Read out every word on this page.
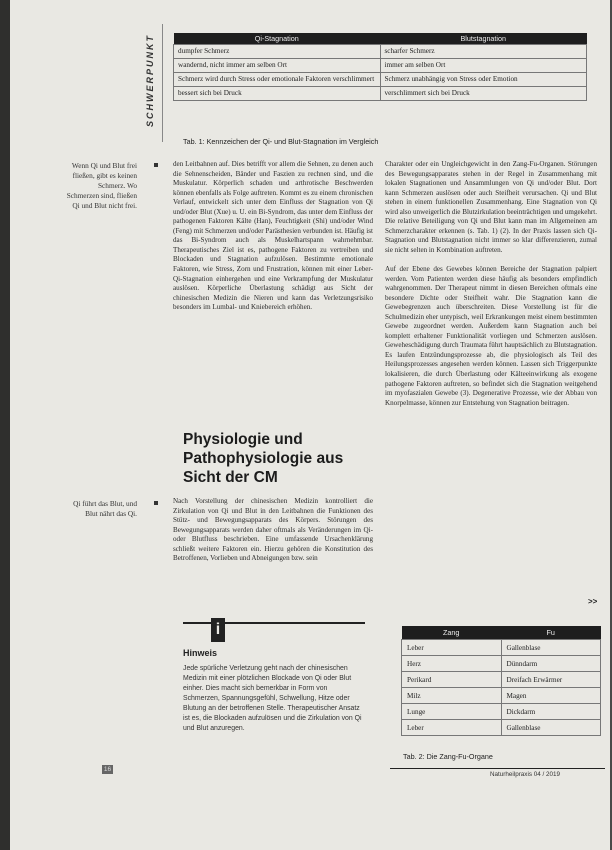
SCHWERPUNKT	Qi-Stagnation	Blutstagnation
dumpfer Schmerz	scharfer Schmerz
wandernd, nicht immer am selben Ort	immer am selben Ort
Schmerz wird durch Stress oder emotionale Faktoren verschlimmert	Schmerz unabhängig von Stress oder Emotion
bessert sich bei Druck	verschlimmert sich bei Druck
Tab. 1: Kennzeichen der Qi- und Blut-Stagnation im Vergleich
Wenn Qi und Blut frei fließen, gibt es keinen Schmerz. Wo Schmerzen sind, fließen Qi und Blut nicht frei.
Qi führt das Blut, und Blut nährt das Qi.
den Leitbahnen auf. Dies betrifft vor allem die Sehnen, zu denen auch die Sehnenscheiden, Bänder und Faszien zu rechnen sind, und die Muskulatur. Körperlich schaden und arthrotische Beschwerden können ebenfalls als Folge auftreten. Kommt es zu einem chronischen Verlauf, entwickelt sich unter dem Einfluss der Stagnation von Qi und/oder Blut (Xue) u. U. ein Bi-Syndrom, das unter dem Einfluss der pathogenen Faktoren Kälte (Han), Feuchtigkeit (Shi) und/oder Wind (Feng) mit Schmerzen und/oder Parästhesien verbunden ist. Häufig ist das Bi-Syndrom auch als Muskelhartspann wahrnehmbar. Therapeutisches Ziel ist es, pathogene Faktoren zu vertreiben und Blockaden und Stagnation aufzulösen. Bestimmte emotionale Faktoren, wie Stress, Zorn und Frustration, können mit einer Leber-Qi-Stagnation einhergehen und eine Verkrampfung der Muskulatur auslösen. Körperliche Überlastung schädigt aus Sicht der chinesischen Medizin die Nieren und kann das Verletzungsrisiko besonders im Lumbal- und Kniebereich erhöhen.
Physiologie und Pathophysiologie aus Sicht der CM
Nach Vorstellung der chinesischen Medizin kontrolliert die Zirkulation von Qi und Blut in den Leitbahnen die Funktionen des Stütz- und Bewegungsapparats des Körpers. Störungen des Bewegungsapparats werden daher oftmals als Veränderungen im Qi- oder Blutfluss beschrieben. Eine umfassende Ursachenklärung schließt weitere Faktoren ein. Hierzu gehören die Konstitution des Betroffenen, Vorlieben und Abneigungen bzw. sein
Charakter oder ein Ungleichgewicht in den Zang-Fu-Organen. Störungen des Bewegungsapparates stehen in der Regel in Zusammenhang mit lokalen Stagnationen und Ansammlungen von Qi und/oder Blut. Dort kann Schmerzen auslösen oder auch Steifheit verursachen. Qi und Blut stehen in einem funktionellen Zusammenhang. Eine Stagnation von Qi wird also unweigerlich die Blutzirkulation beeinträchtigen und umgekehrt. Die relative Beteiligung von Qi und Blut kann man im Allgemeinen am Schmerzcharakter erkennen (s. Tab. 1) (2). In der Praxis lassen sich Qi-Stagnation und Blutstagnation nicht immer so klar differenzieren, zumal sie nicht selten in Kombination auftreten.

Auf der Ebene des Gewebes können Bereiche der Stagnation palpiert werden. Vom Patienten werden diese häufig als besonders empfindlich wahrgenommen. Der Therapeut nimmt in diesen Bereichen oftmals eine besondere Dichte oder Steifheit wahr. Die Stagnation kann die Gewebegrenzen auch überschreiten. Diese Vorstellung ist für die Schulmedizin eher untypisch, weil Erkrankungen meist einem bestimmten Gewebe zugeordnet werden. Außerdem kann Stagnation auch bei komplett erhaltener Funktionalität vorliegen und Schmerzen auslösen. Geweheschädigung durch Traumata führt hauptsächlich zu Blutstagnation. Es laufen Entzündungsprozesse ab, die physiologisch als Teil des Heilungsprozesses angesehen werden können. Lassen sich Triggerpunkte lokalisieren, die durch Überlastung oder Kälteeinwirkung als exogene pathogene Faktoren auftreten, so befindet sich die Stagnation weitgehend im myofaszialen Gewebe (3). Degenerative Prozesse, wie der Abbau von Knorpelmasse, können zur Entstehung von Stagnation beitragen.
>>
i
Hinweis
Jede spürliche Verletzung geht nach der chinesischen Medizin mit einer plötzlichen Blockade von Qi oder Blut einher. Dies macht sich bemerkbar in Form von Schmerzen, Spannungsgefühl, Schwellung, Hitze oder Blutung an der betroffenen Stelle. Therapeutischer Ansatz ist es, die Blockaden aufzulösen und die Zirkulation von Qi und Blut anzuregen.
Zang	Fu
Leber	Gallenblase
Herz	Dünndarm
Perikard	Dreifach Erwärmer
Milz	Magen
Lunge	Dickdarm
Leber	Gallenblase
Tab. 2: Die Zang-Fu-Organe
16
Naturheilpraxis 04 / 2019
